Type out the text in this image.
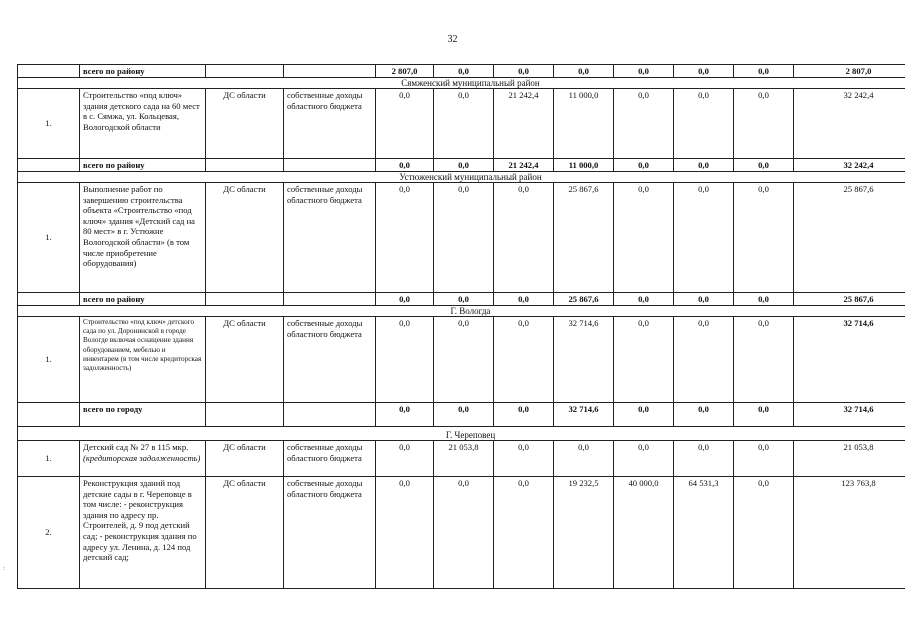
32
:
	всего по району			2 807,0	0,0	0,0	0,0	0,0	0,0	0,0	2 807,0
Сямженский муниципальный район											
1.	Строительство «под ключ» здания детского сада на 60 мест в с. Сямжа, ул. Кольцевая, Вологодской области	ДС области	собственные доходы областного бюджета	0,0	0,0	21 242,4	11 000,0	0,0	0,0	0,0	32 242,4
	всего по району			0,0	0,0	21 242,4	11 000,0	0,0	0,0	0,0	32 242,4
Устюженский муниципальный район											
1.	Выполнение работ по завершению строительства объекта «Строительство «под ключ» здания «Детский сад на 80 мест» в г. Устюжне Вологодской области» (в том числе приобретение оборудования)	ДС области	собственные доходы областного бюджета	0,0	0,0	0,0	25 867,6	0,0	0,0	0,0	25 867,6
	всего по району			0,0	0,0	0,0	25 867,6	0,0	0,0	0,0	25 867,6
Г. Вологда											
1.	Строительство «под ключ» детского сада по ул. Доронинской в городе Вологде включая оснащение здания оборудованием, мебелью и инвентарем (в том числе кредиторская задолженность)	ДС области	собственные доходы областного бюджета	0,0	0,0	0,0	32 714,6	0,0	0,0	0,0	32 714,6
	всего по городу			0,0	0,0	0,0	32 714,6	0,0	0,0	0,0	32 714,6
Г. Череповец											
1.	Детский сад № 27 в 115 мкр. (кредиторская задолженность)	ДС области	собственные доходы областного бюджета	0,0	21 053,8	0,0	0,0	0,0	0,0	0,0	21 053,8
2.	Реконструкция зданий под детские сады в г. Череповце в том числе: - реконструкция здания по адресу пр. Строителей, д. 9 под детский сад; - реконструкция здания по адресу ул. Ленина, д. 124 под детский сад;	ДС области	собственные доходы областного бюджета	0,0	0,0	0,0	19 232,5	40 000,0	64 531,3	0,0	123 763,8
